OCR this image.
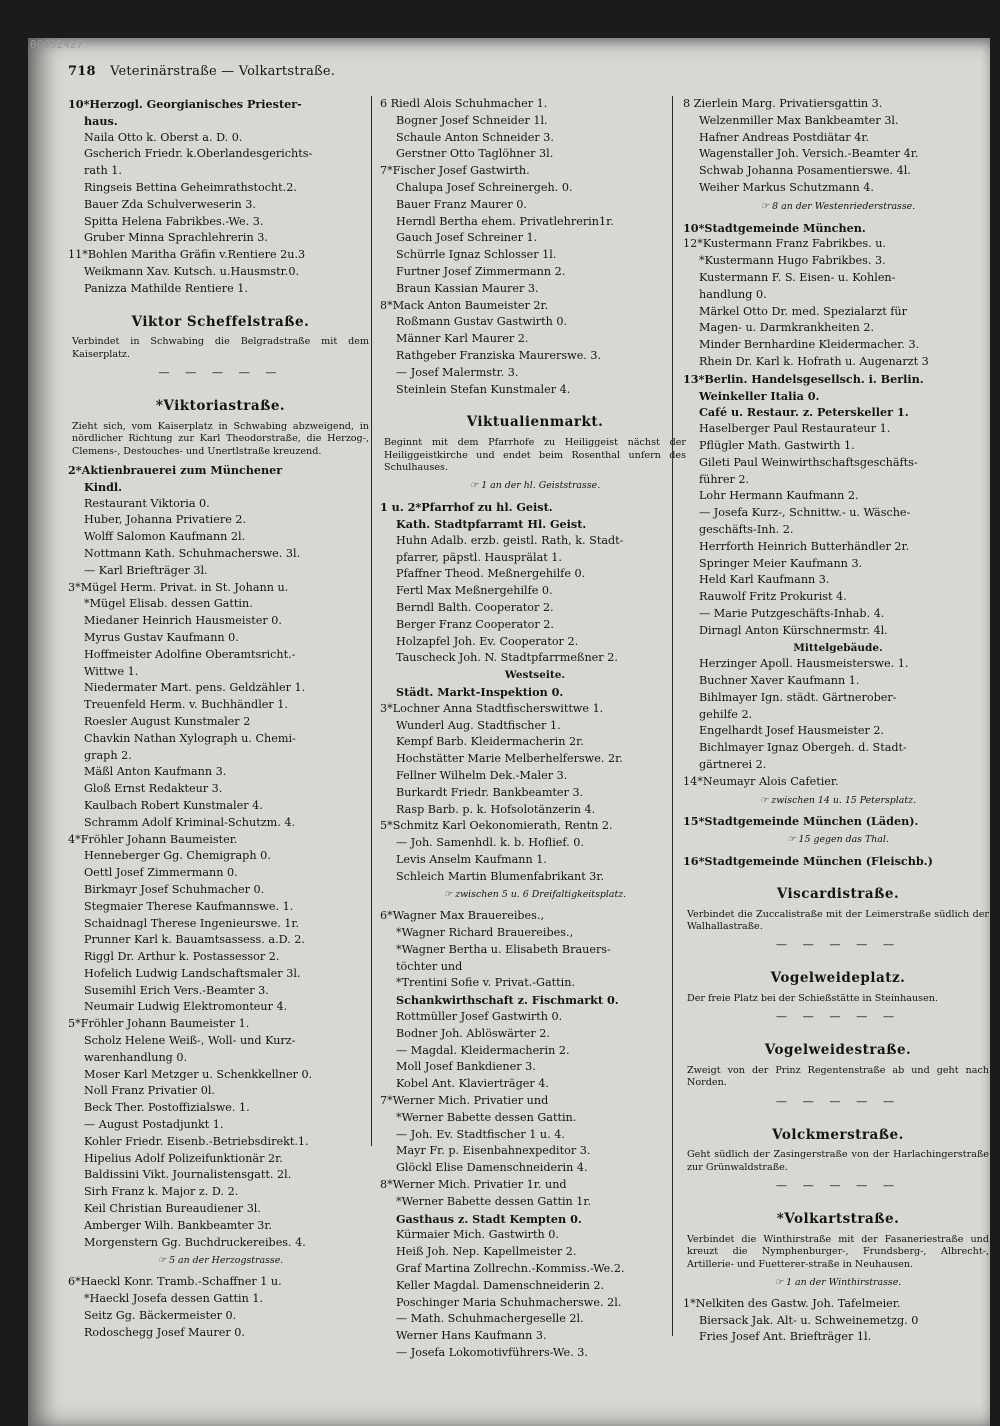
00092427
718 Veterinärstraße — Volkartstraße.
10*Herzogl. Georgianisches Priester-
haus.
Naila Otto k. Oberst a. D. 0.
Gscherich Friedr. k.Oberlandesgerichts-
rath 1.
Ringseis Bettina Geheimrathstocht.2.
Bauer Zda Schulverweserin 3.
Spitta Helena Fabrikbes.-We. 3.
Gruber Minna Sprachlehrerin 3.
11*Bohlen Maritha Gräfin v.Rentiere 2u.3
Weikmann Xav. Kutsch. u.Hausmstr.0.
Panizza Mathilde Rentiere 1.
Viktor Scheffelstraße.
Verbindet in Schwabing die Belgradstraße mit dem Kaiserplatz.
— — — — —
*Viktoriastraße.
Zieht sich, vom Kaiserplatz in Schwabing abzweigend, in nördlicher Richtung zur Karl Theodorstraße, die Herzog-, Clemens-, Destouches- und Unertlstraße kreuzend.
2*Aktienbrauerei zum Münchener
Kindl.
Restaurant Viktoria 0.
Huber, Johanna Privatiere 2.
Wolff Salomon Kaufmann 2l.
Nottmann Kath. Schuhmacherswe. 3l.
— Karl Briefträger 3l.
3*Mügel Herm. Privat. in St. Johann u.
*Mügel Elisab. dessen Gattin.
Miedaner Heinrich Hausmeister 0.
Myrus Gustav Kaufmann 0.
Hoffmeister Adolfine Oberamtsricht.-
Wittwe 1.
Niedermater Mart. pens. Geldzähler 1.
Treuenfeld Herm. v. Buchhändler 1.
Roesler August Kunstmaler 2
Chavkin Nathan Xylograph u. Chemi-
graph 2.
Mäßl Anton Kaufmann 3.
Gloß Ernst Redakteur 3.
Kaulbach Robert Kunstmaler 4.
Schramm Adolf Kriminal-Schutzm. 4.
4*Fröhler Johann Baumeister.
Henneberger Gg. Chemigraph 0.
Oettl Josef Zimmermann 0.
Birkmayr Josef Schuhmacher 0.
Stegmaier Therese Kaufmannswe. 1.
Schaidnagl Therese Ingenieurswe. 1r.
Prunner Karl k. Bauamtsassess. a.D. 2.
Riggl Dr. Arthur k. Postassessor 2.
Hofelich Ludwig Landschaftsmaler 3l.
Susemihl Erich Vers.-Beamter 3.
Neumair Ludwig Elektromonteur 4.
5*Fröhler Johann Baumeister 1.
Scholz Helene Weiß-, Woll- und Kurz-
warenhandlung 0.
Moser Karl Metzger u. Schenkkellner 0.
Noll Franz Privatier 0l.
Beck Ther. Postoffizialswe. 1.
— August Postadjunkt 1.
Kohler Friedr. Eisenb.-Betriebsdirekt.1.
Hipelius Adolf Polizeifunktionär 2r.
Baldissini Vikt. Journalistensgatt. 2l.
Sirh Franz k. Major z. D. 2.
Keil Christian Bureaudiener 3l.
Amberger Wilh. Bankbeamter 3r.
Morgenstern Gg. Buchdruckereibes. 4.
☞ 5 an der Herzogstrasse.
6*Haeckl Konr. Tramb.-Schaffner 1 u.
*Haeckl Josefa dessen Gattin 1.
Seitz Gg. Bäckermeister 0.
Rodoschegg Josef Maurer 0.
6 Riedl Alois Schuhmacher 1.
Bogner Josef Schneider 1l.
Schaule Anton Schneider 3.
Gerstner Otto Taglöhner 3l.
7*Fischer Josef Gastwirth.
Chalupa Josef Schreinergeh. 0.
Bauer Franz Maurer 0.
Herndl Bertha ehem. Privatlehrerin1r.
Gauch Josef Schreiner 1.
Schürrle Ignaz Schlosser 1l.
Furtner Josef Zimmermann 2.
Braun Kassian Maurer 3.
8*Mack Anton Baumeister 2r.
Roßmann Gustav Gastwirth 0.
Männer Karl Maurer 2.
Rathgeber Franziska Maurerswe. 3.
— Josef Malermstr. 3.
Steinlein Stefan Kunstmaler 4.
Viktualienmarkt.
Beginnt mit dem Pfarrhofe zu Heiliggeist nächst der Heiliggeistkirche und endet beim Rosenthal unfern des Schulhauses.
☞ 1 an der hl. Geiststrasse.
1 u. 2*Pfarrhof zu hl. Geist.
Kath. Stadtpfarramt Hl. Geist.
Huhn Adalb. erzb. geistl. Rath, k. Stadt-
pfarrer, päpstl. Hausprälat 1.
Pfaffner Theod. Meßnergehilfe 0.
Fertl Max Meßnergehilfe 0.
Berndl Balth. Cooperator 2.
Berger Franz Cooperator 2.
Holzapfel Joh. Ev. Cooperator 2.
Tauscheck Joh. N. Stadtpfarrmeßner 2.
Westseite.
Städt. Markt-Inspektion 0.
3*Lochner Anna Stadtfischerswittwe 1.
Wunderl Aug. Stadtfischer 1.
Kempf Barb. Kleidermacherin 2r.
Hochstätter Marie Melberhelferswe. 2r.
Fellner Wilhelm Dek.-Maler 3.
Burkardt Friedr. Bankbeamter 3.
Rasp Barb. p. k. Hofsolotänzerin 4.
5*Schmitz Karl Oekonomierath, Rentn 2.
— Joh. Samenhdl. k. b. Hoflief. 0.
Levis Anselm Kaufmann 1.
Schleich Martin Blumenfabrikant 3r.
☞ zwischen 5 u. 6 Dreifaltigkeitsplatz.
6*Wagner Max Brauereibes.,
*Wagner Richard Brauereibes.,
*Wagner Bertha u. Elisabeth Brauers-
töchter und
*Trentini Sofie v. Privat.-Gattin.
Schankwirthschaft z. Fischmarkt 0.
Rottmüller Josef Gastwirth 0.
Bodner Joh. Ablöswärter 2.
— Magdal. Kleidermacherin 2.
Moll Josef Bankdiener 3.
Kobel Ant. Klavierträger 4.
7*Werner Mich. Privatier und
*Werner Babette dessen Gattin.
— Joh. Ev. Stadtfischer 1 u. 4.
Mayr Fr. p. Eisenbahnexpeditor 3.
Glöckl Elise Damenschneiderin 4.
8*Werner Mich. Privatier 1r. und
*Werner Babette dessen Gattin 1r.
Gasthaus z. Stadt Kempten 0.
Kürmaier Mich. Gastwirth 0.
Heiß Joh. Nep. Kapellmeister 2.
Graf Martina Zollrechn.-Kommiss.-We.2.
Keller Magdal. Damenschneiderin 2.
Poschinger Maria Schuhmacherswe. 2l.
— Math. Schuhmachergeselle 2l.
Werner Hans Kaufmann 3.
— Josefa Lokomotivführers-We. 3.
8 Zierlein Marg. Privatiersgattin 3.
Welzenmiller Max Bankbeamter 3l.
Hafner Andreas Postdiätar 4r.
Wagenstaller Joh. Versich.-Beamter 4r.
Schwab Johanna Posamentierswe. 4l.
Weiher Markus Schutzmann 4.
☞ 8 an der Westenriederstrasse.
10*Stadtgemeinde München.
12*Kustermann Franz Fabrikbes. u.
*Kustermann Hugo Fabrikbes. 3.
Kustermann F. S. Eisen- u. Kohlen-
handlung 0.
Märkel Otto Dr. med. Spezialarzt für
Magen- u. Darmkrankheiten 2.
Minder Bernhardine Kleidermacher. 3.
Rhein Dr. Karl k. Hofrath u. Augenarzt 3
13*Berlin. Handelsgesellsch. i. Berlin.
Weinkeller Italia 0.
Café u. Restaur. z. Peterskeller 1.
Haselberger Paul Restaurateur 1.
Pflügler Math. Gastwirth 1.
Gileti Paul Weinwirthschaftsgeschäfts-
führer 2.
Lohr Hermann Kaufmann 2.
— Josefa Kurz-, Schnittw.- u. Wäsche-
geschäfts-Inh. 2.
Herrforth Heinrich Butterhändler 2r.
Springer Meier Kaufmann 3.
Held Karl Kaufmann 3.
Rauwolf Fritz Prokurist 4.
— Marie Putzgeschäfts-Inhab. 4.
Dirnagl Anton Kürschnermstr. 4l.
Mittelgebäude.
Herzinger Apoll. Hausmeisterswe. 1.
Buchner Xaver Kaufmann 1.
Bihlmayer Ign. städt. Gärtnerober-
gehilfe 2.
Engelhardt Josef Hausmeister 2.
Bichlmayer Ignaz Obergeh. d. Stadt-
gärtnerei 2.
14*Neumayr Alois Cafetier.
☞ zwischen 14 u. 15 Petersplatz.
15*Stadtgemeinde München (Läden).
☞ 15 gegen das Thal.
16*Stadtgemeinde München (Fleischb.)
Viscardistraße.
Verbindet die Zuccalistraße mit der Leimerstraße südlich der Walhallastraße.
— — — — —
Vogelweideplatz.
Der freie Platz bei der Schießstätte in Steinhausen.
— — — — —
Vogelweidestraße.
Zweigt von der Prinz Regentenstraße ab und geht nach Norden.
— — — — —
Volckmerstraße.
Geht südlich der Zasingerstraße von der Harlachingerstraße zur Grünwaldstraße.
— — — — —
*Volkartstraße.
Verbindet die Winthirstraße mit der Fasaneriestraße und kreuzt die Nymphenburger-, Frundsberg-, Albrecht-, Artillerie- und Fuetterer-straße in Neuhausen.
☞ 1 an der Winthirstrasse.
1*Nelkiten des Gastw. Joh. Tafelmeier.
Biersack Jak. Alt- u. Schweinemetzg. 0
Fries Josef Ant. Briefträger 1l.
